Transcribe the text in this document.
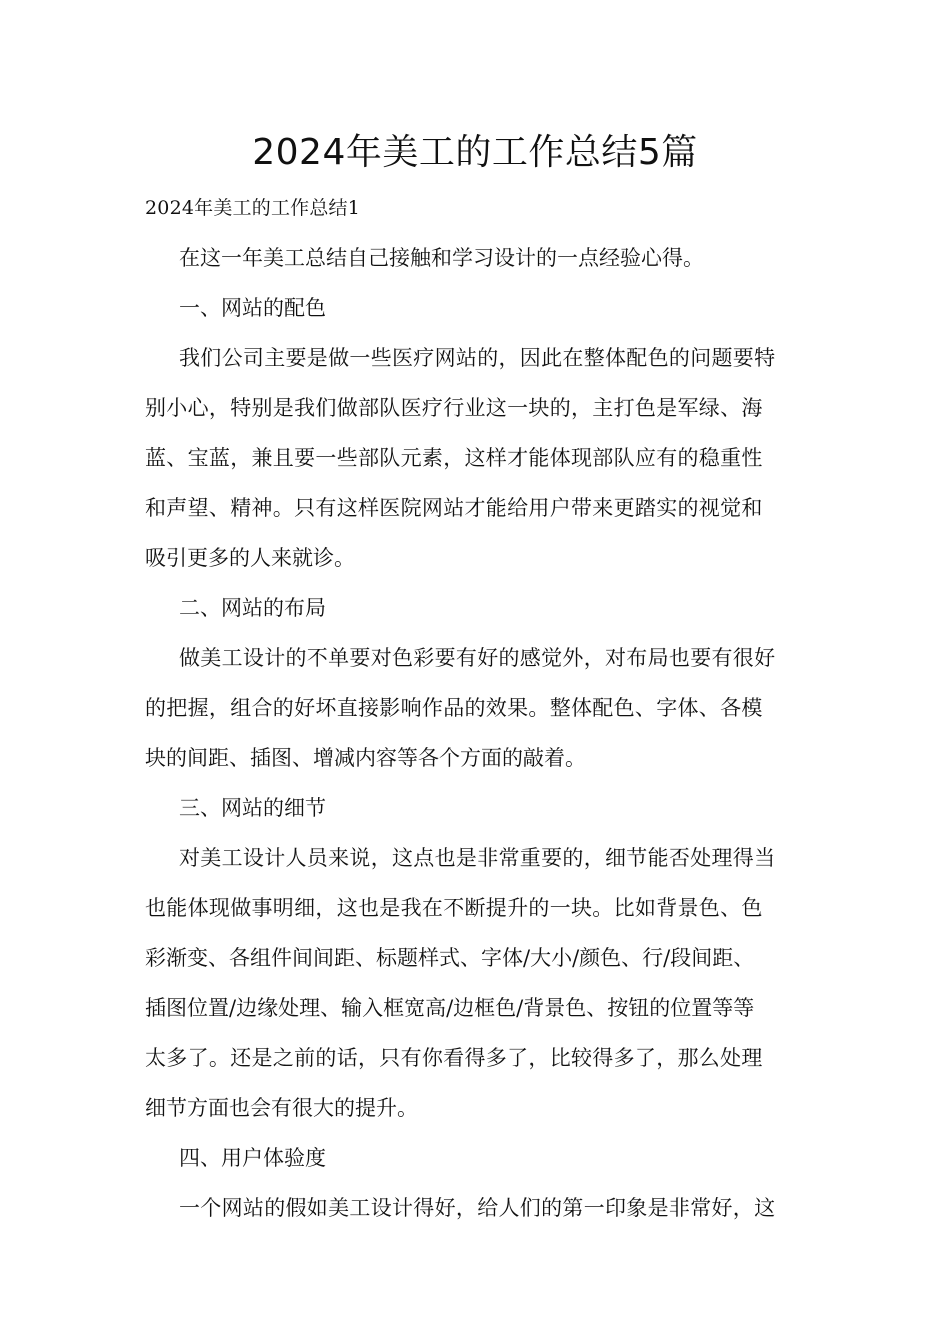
2024年美工的工作总结5篇

2024年美工的工作总结1

在这一年美工总结自己接触和学习设计的一点经验心得。

一、网站的配色

我们公司主要是做一些医疗网站的，因此在整体配色的问题要特

别小心，特别是我们做部队医疗行业这一块的，主打色是军绿、海

蓝、宝蓝，兼且要一些部队元素，这样才能体现部队应有的稳重性

和声望、精神。只有这样医院网站才能给用户带来更踏实的视觉和

吸引更多的人来就诊。

二、网站的布局

做美工设计的不单要对色彩要有好的感觉外，对布局也要有很好

的把握，组合的好坏直接影响作品的效果。整体配色、字体、各模

块的间距、插图、增减内容等各个方面的敲着。

三、网站的细节

对美工设计人员来说，这点也是非常重要的，细节能否处理得当

也能体现做事明细，这也是我在不断提升的一块。比如背景色、色

彩渐变、各组件间间距、标题样式、字体/大小/颜色、行/段间距、

插图位置/边缘处理、输入框宽高/边框色/背景色、按钮的位置等等

太多了。还是之前的话，只有你看得多了，比较得多了，那么处理

细节方面也会有很大的提升。

四、用户体验度

一个网站的假如美工设计得好，给人们的第一印象是非常好，这
